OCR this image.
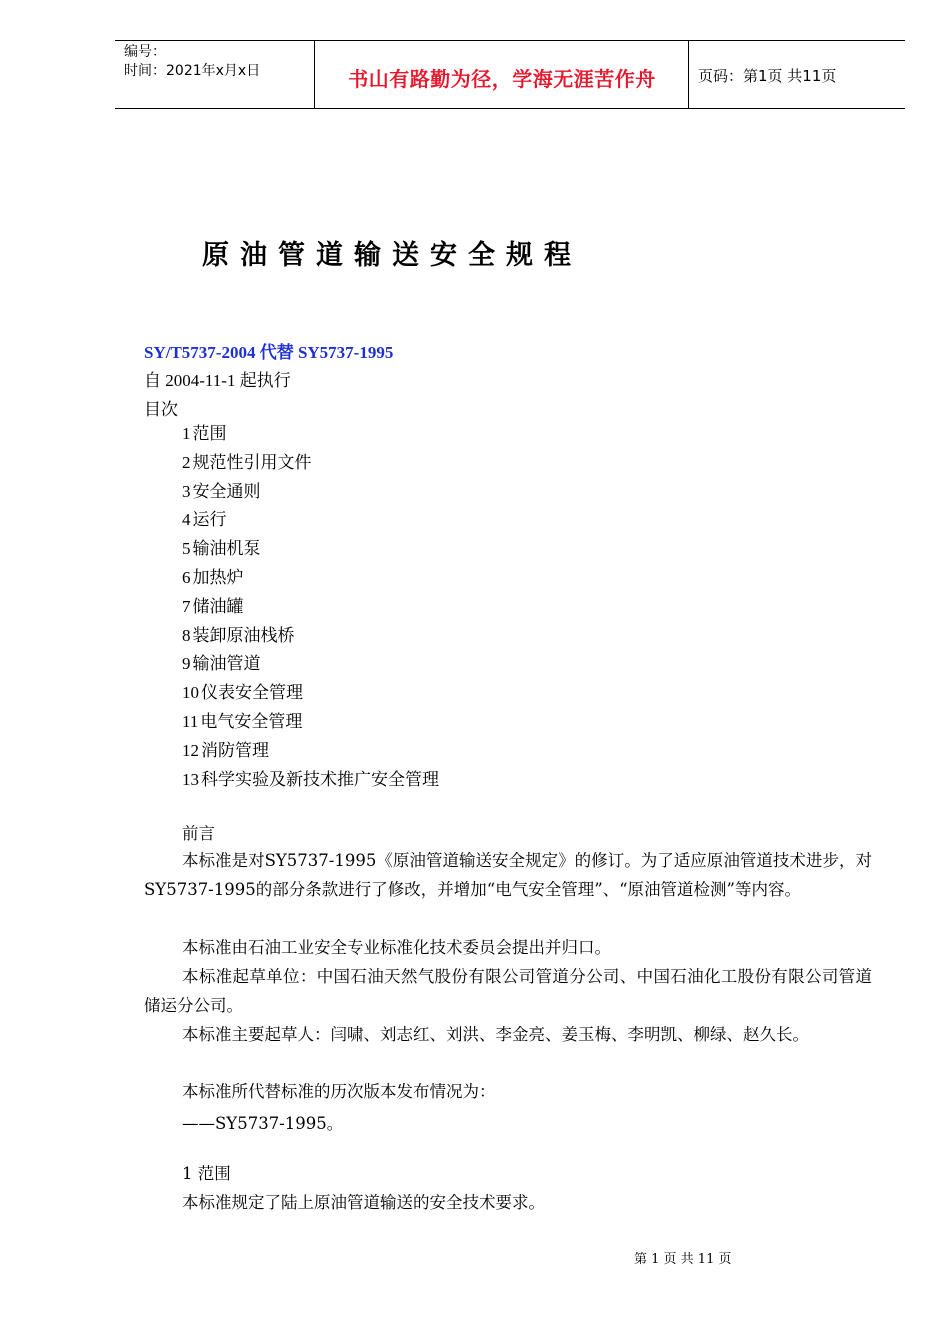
编号：
时间：2021年x月x日	书山有路勤为径，学海无涯苦作舟	页码：第1页 共11页
原油管道输送安全规程
SY/T5737-2004 代替 SY5737-1995
自 2004-11-1 起执行
目次
1 范围
2 规范性引用文件
3 安全通则
4 运行
5 输油机泵
6 加热炉
7 储油罐
8 装卸原油栈桥
9 输油管道
10 仪表安全管理
11 电气安全管理
12 消防管理
13 科学实验及新技术推广安全管理
前言

本标准是对SY5737-1995《原油管道输送安全规定》的修订。为了适应原油管道技术进步，对SY5737-1995的部分条款进行了修改，并增加“电气安全管理”、“原油管道检测”等内容。

本标准由石油工业安全专业标准化技术委员会提出并归口。

本标准起草单位：中国石油天然气股份有限公司管道分公司、中国石油化工股份有限公司管道储运分公司。

本标准主要起草人：闫啸、刘志红、刘洪、李金亮、姜玉梅、李明凯、柳绿、赵久长。

本标准所代替标准的历次版本发布情况为：

——SY5737-1995。
1 范围
本标准规定了陆上原油管道输送的安全技术要求。
第 1 页 共 11 页
